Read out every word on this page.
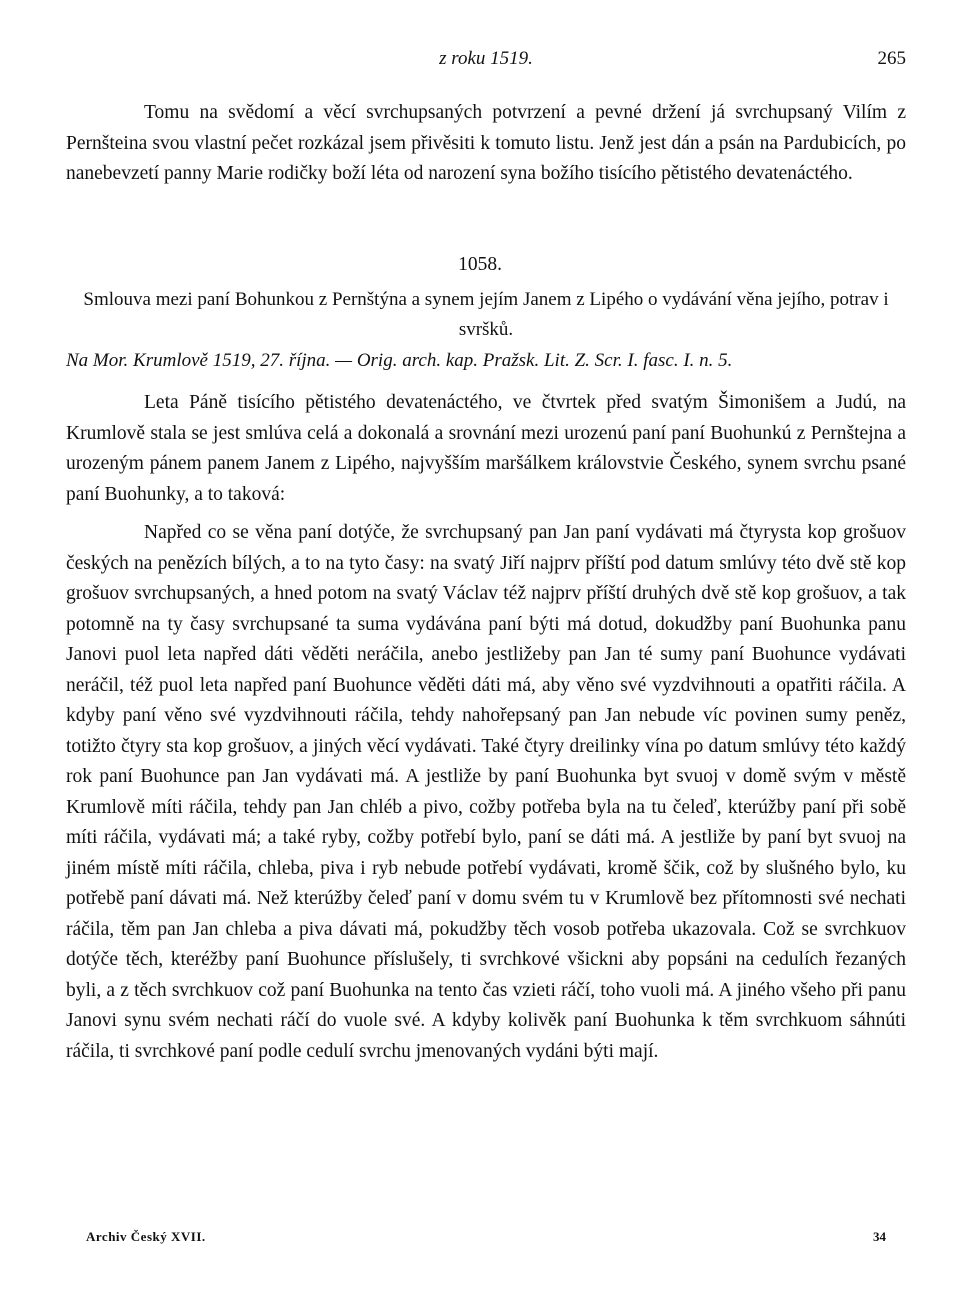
z roku 1519.	265

Tomu na svědomí a věcí svrchupsaných potvrzení a pevné držení já svrchupsaný Vilím z Pernšteina svou vlastní pečet rozkázal jsem přivěsiti k tomuto listu. Jenž jest dán a psán na Pardubicích, po nanebevzetí panny Marie rodičky boží léta od narození syna božího tisícího pětistého devatenáctého.

1058.
Smlouva mezi paní Bohunkou z Pernštýna a synem jejím Janem z Lipého o vydávání věna jejího, potrav i svršků.
Na Mor. Krumlově 1519, 27. října. — Orig. arch. kap. Pražsk. Lit. Z. Scr. I. fasc. I. n. 5.

Leta Páně tisícího pětistého devatenáctého, ve čtvrtek před svatým Šimonišem a Judú, na Krumlově stala se jest smlúva celá a dokonalá a srovnání mezi urozenú paní paní Buohunkú z Pernštejna a urozeným pánem panem Janem z Lipého, najvyšším maršálkem královstvie Českého, synem svrchu psané paní Buohunky, a to taková:

Napřed co se věna paní dotýče, že svrchupsaný pan Jan paní vydávati má čtyrysta kop grošuov českých na penězích bílých, a to na tyto časy: na svatý Jiří najprv příští pod datum smlúvy této dvě stě kop grošuov svrchupsaných, a hned potom na svatý Václav též najprv příští druhých dvě stě kop grošuov, a tak potomně na ty časy svrchupsané ta suma vydávána paní býti má dotud, dokudžby paní Buohunka panu Janovi puol leta napřed dáti věděti neráčila, anebo jestližeby pan Jan té sumy paní Buohunce vydávati neráčil, též puol leta napřed paní Buohunce věděti dáti má, aby věno své vyzdvihnouti a opatřiti ráčila. A kdyby paní věno své vyzdvihnouti ráčila, tehdy nahořepsaný pan Jan nebude víc povinen sumy peněz, totižto čtyry sta kop grošuov, a jiných věcí vydávati. Také čtyry dreilinky vína po datum smlúvy této každý rok paní Buohunce pan Jan vydávati má. A jestliže by paní Buohunka byt svuoj v domě svým v městě Krumlově míti ráčila, tehdy pan Jan chléb a pivo, cožby potřeba byla na tu čeleď, kterúžby paní při sobě míti ráčila, vydávati má; a také ryby, cožby potřebí bylo, paní se dáti má. A jestliže by paní byt svuoj na jiném místě míti ráčila, chleba, piva i ryb nebude potřebí vydávati, kromě ščik, což by slušného bylo, ku potřebě paní dávati má. Než kterúžby čeleď paní v domu svém tu v Krumlově bez přítomnosti své nechati ráčila, těm pan Jan chleba a piva dávati má, pokudžby těch vosob potřeba ukazovala. Což se svrchkuov dotýče těch, kteréžby paní Buohunce příslušely, ti svrchkové všicknі aby popsáni na cedulích řezaných byli, a z těch svrchkuov což paní Buohunka na tento čas vzieti ráčí, toho vuoli má. A jiného všeho při panu Janovi synu svém nechati ráčí do vuole své. A kdyby kolivěk paní Buohunka k těm svrchkuom sáhnúti ráčila, ti svrchkové paní podle cedulí svrchu jmenovaných vydáni býti mají.

Archiv Český XVII.	34
